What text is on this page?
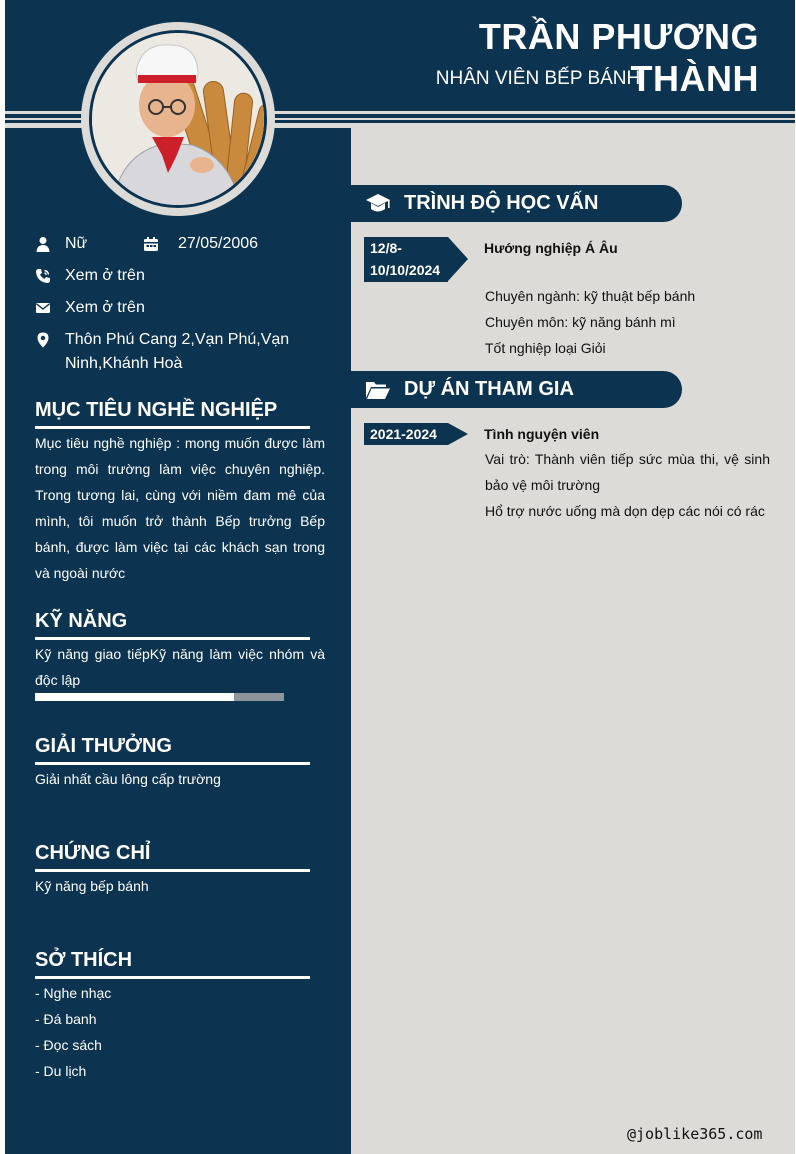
TRẦN PHƯƠNG THÀNH
NHÂN VIÊN BẾP BÁNH
Nữ	27/05/2006
Xem ở trên
Xem ở trên
Thôn Phú Cang 2,Vạn Phú,Vạn Ninh,Khánh Hoà
MỤC TIÊU NGHỀ NGHIỆP
Mục tiêu nghề nghiệp : mong muốn được làm trong môi trường làm việc chuyên nghiệp. Trong tương lai, cùng với niềm đam mê của mình, tôi muốn trở thành Bếp trưởng Bếp bánh, được làm việc tại các khách sạn trong và ngoài nước
KỸ NĂNG
Kỹ năng giao tiếpKỹ năng làm việc nhóm và độc lập
GIẢI THƯỞNG
Giải nhất cầu lông cấp trường
CHỨNG CHỈ
Kỹ năng bếp bánh
SỞ THÍCH
- Nghe nhạc
- Đá banh
- Đọc sách
- Du lịch
TRÌNH ĐỘ HỌC VẤN
12/8-
10/10/2024
Hướng nghiệp Á Âu
Chuyên ngành: kỹ thuật bếp bánh
Chuyên môn: kỹ năng bánh mì
Tốt nghiệp loại Giỏi
DỰ ÁN THAM GIA
2021-2024	Tình nguyện viên
Vai trò: Thành viên tiếp sức mùa thi, vệ sinh bảo vệ môi trường
Hổ trợ nước uống mà dọn dẹp các nói có rác
@joblike365.com
